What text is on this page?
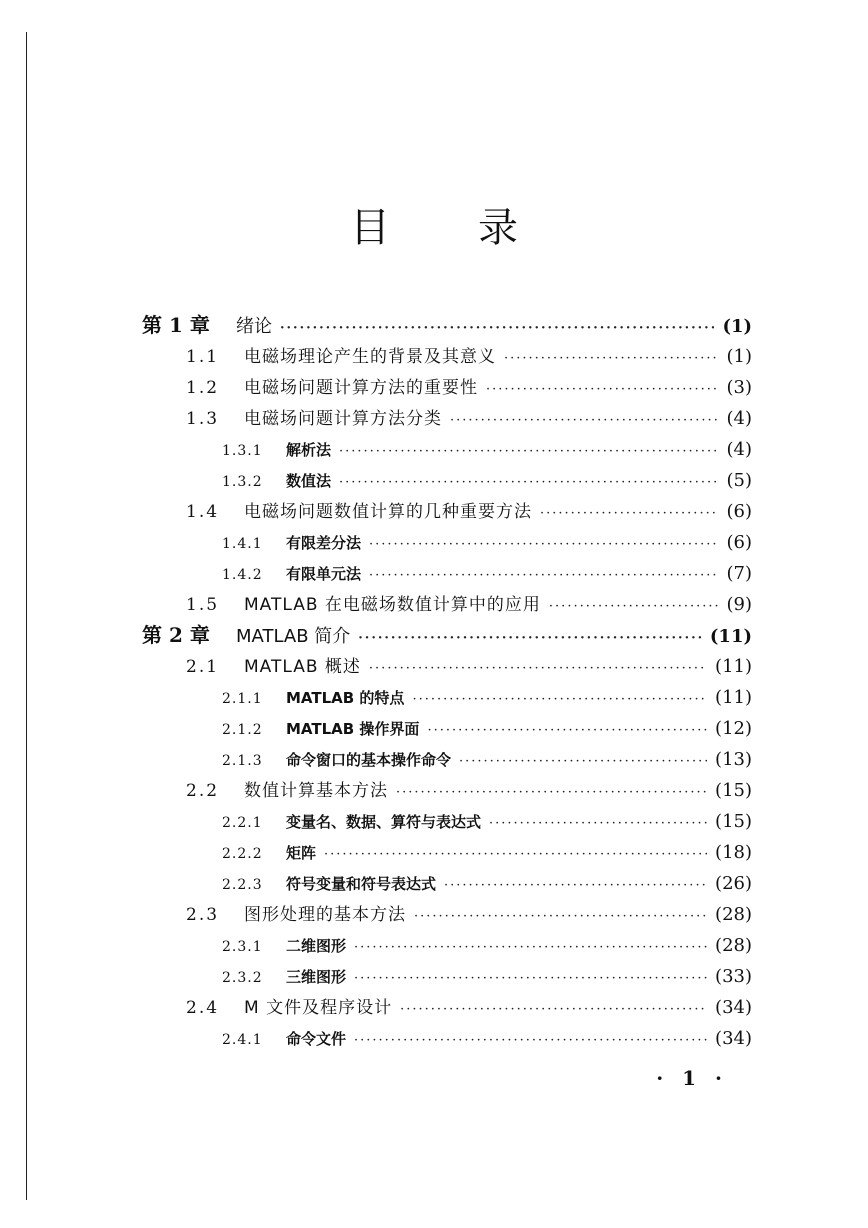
目录
第 1 章	绪论 ·····	(1)
1.1	电磁场理论产生的背景及其意义 ·····	(1)
1.2	电磁场问题计算方法的重要性 ·····	(3)
1.3	电磁场问题计算方法分类 ·····	(4)
1.3.1	解析法 ·····	(4)
1.3.2	数值法 ·····	(5)
1.4	电磁场问题数值计算的几种重要方法 ·····	(6)
1.4.1	有限差分法 ·····	(6)
1.4.2	有限单元法 ·····	(7)
1.5	MATLAB 在电磁场数值计算中的应用 ·····	(9)
第 2 章	MATLAB 简介 ·····	(11)
2.1	MATLAB 概述 ·····	(11)
2.1.1	MATLAB 的特点 ·····	(11)
2.1.2	MATLAB 操作界面 ·····	(12)
2.1.3	命令窗口的基本操作命令 ·····	(13)
2.2	数值计算基本方法 ·····	(15)
2.2.1	变量名、数据、算符与表达式 ·····	(15)
2.2.2	矩阵 ·····	(18)
2.2.3	符号变量和符号表达式 ·····	(26)
2.3	图形处理的基本方法 ·····	(28)
2.3.1	二维图形 ·····	(28)
2.3.2	三维图形 ·····	(33)
2.4	M 文件及程序设计 ·····	(34)
2.4.1	命令文件 ·····	(34)
· 1 ·
